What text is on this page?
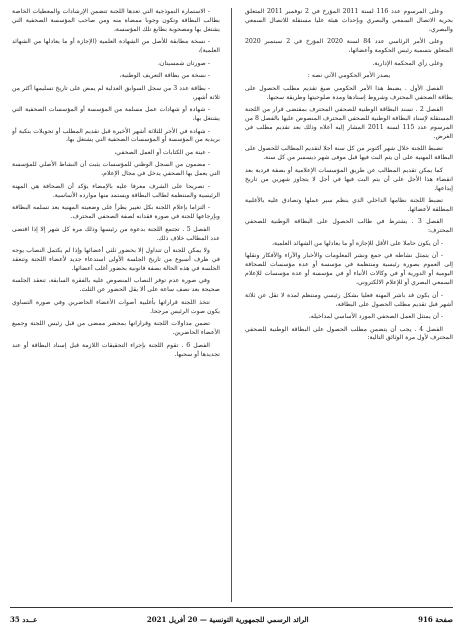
وعلى المرسوم عدد 116 لسنة 2011 المؤرخ في 2 نوفمبر 2011 المتعلق بحرية الاتصال السمعي والبصري وبإحداث هيئة عليا مستقلة للاتصال السمعي والبصري،

وعلى الأمر الرئاسي عدد 84 لسنة 2020 المؤرخ في 2 سبتمبر 2020 المتعلق بتسمية رئيس الحكومة وأعضائها،

وعلى رأي المحكمة الإدارية.

يصدر الأمر الحكومي الآتي نصه :

الفصل الأول . يضبط هذا الأمر الحكومي صيغ تقديم مطلب الحصول على بطاقة الصحفي المحترف وشروط إسنادها ومدة صلوحيتها وطريقة سحبها.

الفصل 2 . تسند البطاقة الوطنية للصحفي المحترف بمقتضى قرار من اللجنة المستقلة لإسناد البطاقة الوطنية للصحفي المحترف المنصوص عليها بالفصل 8 من المرسوم عدد 115 لسنة 2011 المشار إليه أعلاه وذلك بعد تقديم مطلب في الغرض.

تضبط اللجنة خلال شهر أكتوبر من كل سنة أجلا لتقديم المطالب للحصول على البطاقة المهنية على أن يتم البت فيها قبل موفى شهر ديسمبر من كل سنة.

كما يمكن تقديم المطالب عن طريق المؤسسات الإعلامية أو بصفة فردية بعد انقضاء هذا الأجل على أن يتم البت فيها في أجل لا يتجاوز شهرين من تاريخ إيداعها.

تضبط اللجنة نظامها الداخلي الذي ينظم سير عملها وتصادق عليه بالأغلبية المطلقة لأعضائها.

الفصل 3 . يشترط في طالب الحصول على البطاقة الوطنية للصحفي المحترف:

- أن يكون حاملا على الأقل للإجازة أو ما يعادلها من الشهائد العلمية،

- أن يتمثل نشاطه في جمع ونشر المعلومات والأخبار والآراء والأفكار ونقلها إلى العموم بصورة رئيسية ومنتظمة في مؤسسة أو عدة مؤسسات للصحافة اليومية أو الدورية أو في وكالات الأنباء أو في مؤسسة أو عدة مؤسسات للإعلام السمعي البصري أو للإعلام الالكتروني،

- أن يكون قد باشر المهنة فعليا بشكل رئيسي ومنتظم لمدة لا تقل عن ثلاثة أشهر قبل تقديم مطلب الحصول على البطاقة،

- أن يمتثل العمل الصحفي المورد الأساسي لمداخيله.

الفصل 4 . يجب أن يتضمن مطلب الحصول على البطاقة الوطنية للصحفي المحترف لأول مرة الوثائق التالية:

- الاستمارة النموذجية التي تعدها اللجنة تتضمن الإرشادات والمعطيات الخاصة بطالب البطاقة وتكون وجوبا ممضاة منه ومن صاحب المؤسسة الصحفية التي يشتغل بها ومصحوبة بطابع تلك المؤسسة،

- نسخة مطابقة للأصل من الشهادة العلمية (الإجازة أو ما يعادلها من الشهائد العلمية)،

- صورتان شمسيتان،

- نسخة من بطاقة التعريف الوطنية،

- بطاقة عدد 3 من سجل السوابق العدلية لم يمض على تاريخ تسليمها أكثر من ثلاثة أشهر،

- شهادة أو شهادات عمل مسلمة من المؤسسة أو المؤسسات الصحفية التي يشتغل بها،

- شهادة في الأجر للثلاثة أشهر الأخيرة قبل تقديم المطلب أو تحويلات بنكية أو بريدية من المؤسسة أو المؤسسات الصحفية التي يشتغل بها،

- عينة من الكتابات أو العمل الصحفي،

- مضمون من السجل الوطني للمؤسسات يثبت أن النشاط الأصلي للمؤسسة التي يعمل بها الصحفي يدخل في مجال الإعلام،

- تصريحا على الشرف معرفا عليه بالإمضاء يؤكد أن الصحافة هي المهنة الرئيسية والمنتظمة لطالب البطاقة ويستمد منها موارده الأساسية.

- التزاما بإعلام اللجنة بكل تغيير يطرأ على وضعيته المهنية بعد تسلمه البطاقة وبإرجاعها للجنة في صورة فقدانه لصفة الصحفي المحترف.

الفصل 5 . تجتمع اللجنة بدعوة من رئيسها وذلك مرة كل شهر إلا إذا اقتضى عدد المطالب خلاف ذلك.

ولا يمكن للجنة أن تتداول إلا بحضور ثلثي أعضائها وإذا لم يكتمل النصاب يوجه في ظرف أسبوع من تاريخ الجلسة الأولى استدعاء جديد لأعضاء اللجنة وتنعقد الجلسة في هذه الحالة بصفة قانونية بحضور أغلب أعضائها.

وفي صورة عدم توفر النصاب المنصوص عليه بالفقرة السابقة، تنعقد الجلسة صحيحة بعد نصف ساعة على ألا يقل الحضور عن الثلث.

تتخذ اللجنة قراراتها بأغلبية أصوات الأعضاء الحاضرين وفي صورة التساوي يكون صوت الرئيس مرجحا.

تضمن مداولات اللجنة وقراراتها بمحضر ممضى من قبل رئيس اللجنة وجميع الأعضاء الحاضرين.

الفصل 6 . تقوم اللجنة بإجراء التحقيقات اللازمة قبل إسناد البطاقة أو عند تجديدها أو سحبها.

صفحة 916
الرائد الرسمي للجمهورية التونسية — 20 أفريل 2021
عــدد 35
